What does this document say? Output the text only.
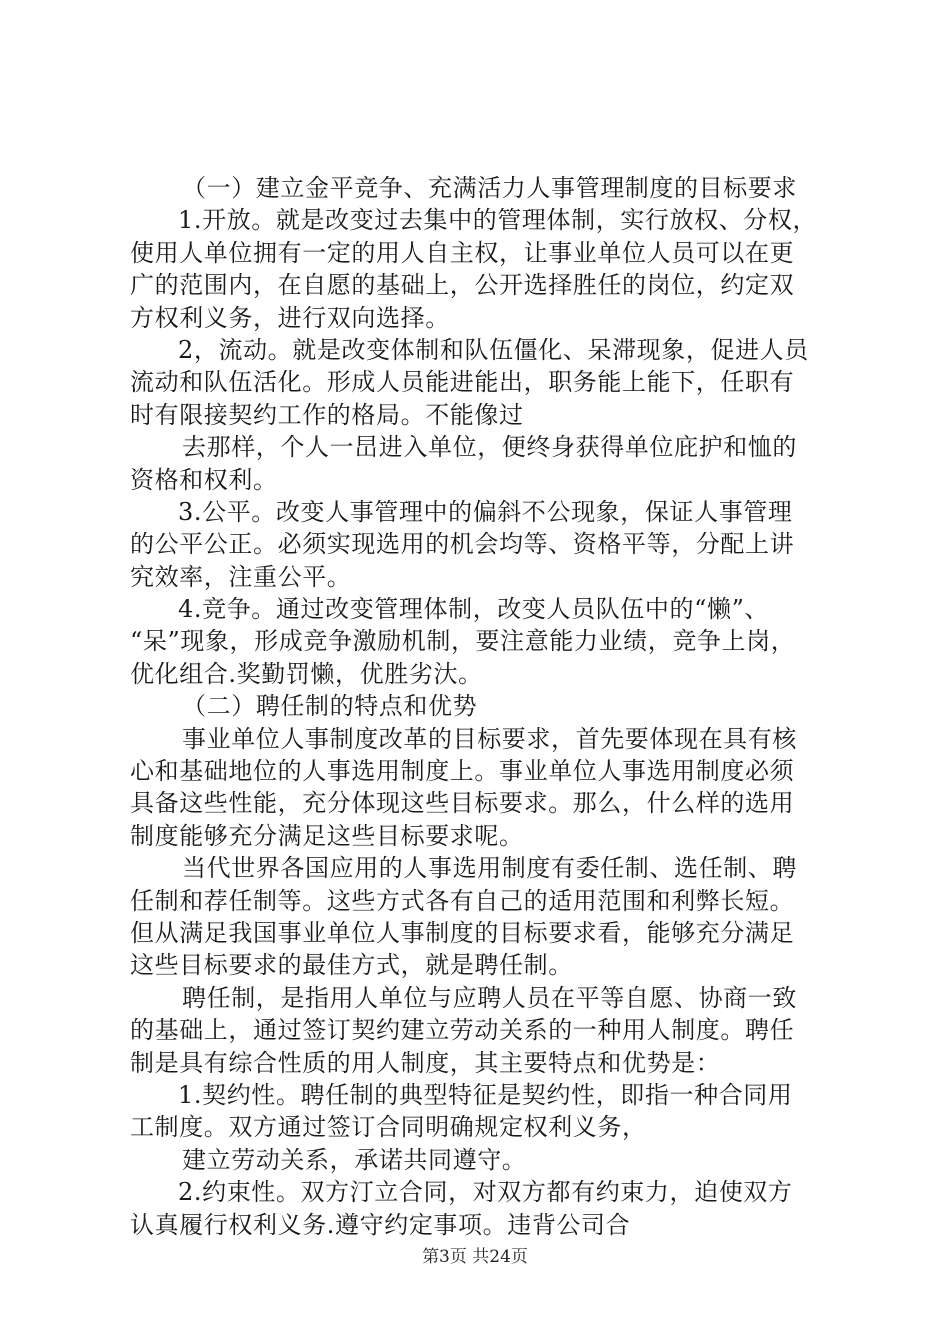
（一）建立金平竞争、充满活力人事管理制度的目标要求
1.开放。就是改变过去集中的管理体制，实行放权、分权，
使用人单位拥有一定的用人自主权，让事业单位人员可以在更
广的范围内，在自愿的基础上，公开选择胜任的岗位，约定双
方权利义务，进行双向选择。
2，流动。就是改变体制和队伍僵化、呆滞现象，促进人员
流动和队伍活化。形成人员能进能出，职务能上能下，任职有
时有限接契约工作的格局。不能像过
去那样，个人一旵进入单位，便终身获得单位庇护和恤的
资格和权利。
3.公平。改变人事管理中的偏斜不公现象，保证人事管理
的公平公正。必须实现选用的机会均等、资格平等，分配上讲
究效率，注重公平。
4.竞争。通过改变管理体制，改变人员队伍中的“懒”、
“呆”现象，形成竞争激励机制，要注意能力业绩，竞争上岗，
优化组合.奖勤罚懒，优胜劣汏。
（二）聘任制的特点和优势
事业单位人事制度改革的目标要求，首先要体现在具有核
心和基础地位的人事选用制度上。事业单位人事选用制度必须
具备这些性能，充分体现这些目标要求。那么，什么样的选用
制度能够充分满足这些目标要求呢。
当代世界各国应用的人事选用制度有委任制、选任制、聘
任制和荐任制等。这些方式各有自己的适用范围和利弊长短。
但从满足我国事业单位人事制度的目标要求看，能够充分满足
这些目标要求的最佳方式，就是聘任制。
聘任制，是指用人单位与应聘人员在平等自愿、协商一致
的基础上，通过签订契约建立劳动关系的一种用人制度。聘任
制是具有综合性质的用人制度，其主要特点和优势是：
1.契约性。聘任制的典型特征是契约性，即指一种合同用
工制度。双方通过签订合同明确规定权利义务，
建立劳动关系，承诺共同遵守。
2.约束性。双方汀立合同，对双方都有约束力，迫使双方
认真履行权利义务.遵守约定事项。违背公司合
第3页 共24页
